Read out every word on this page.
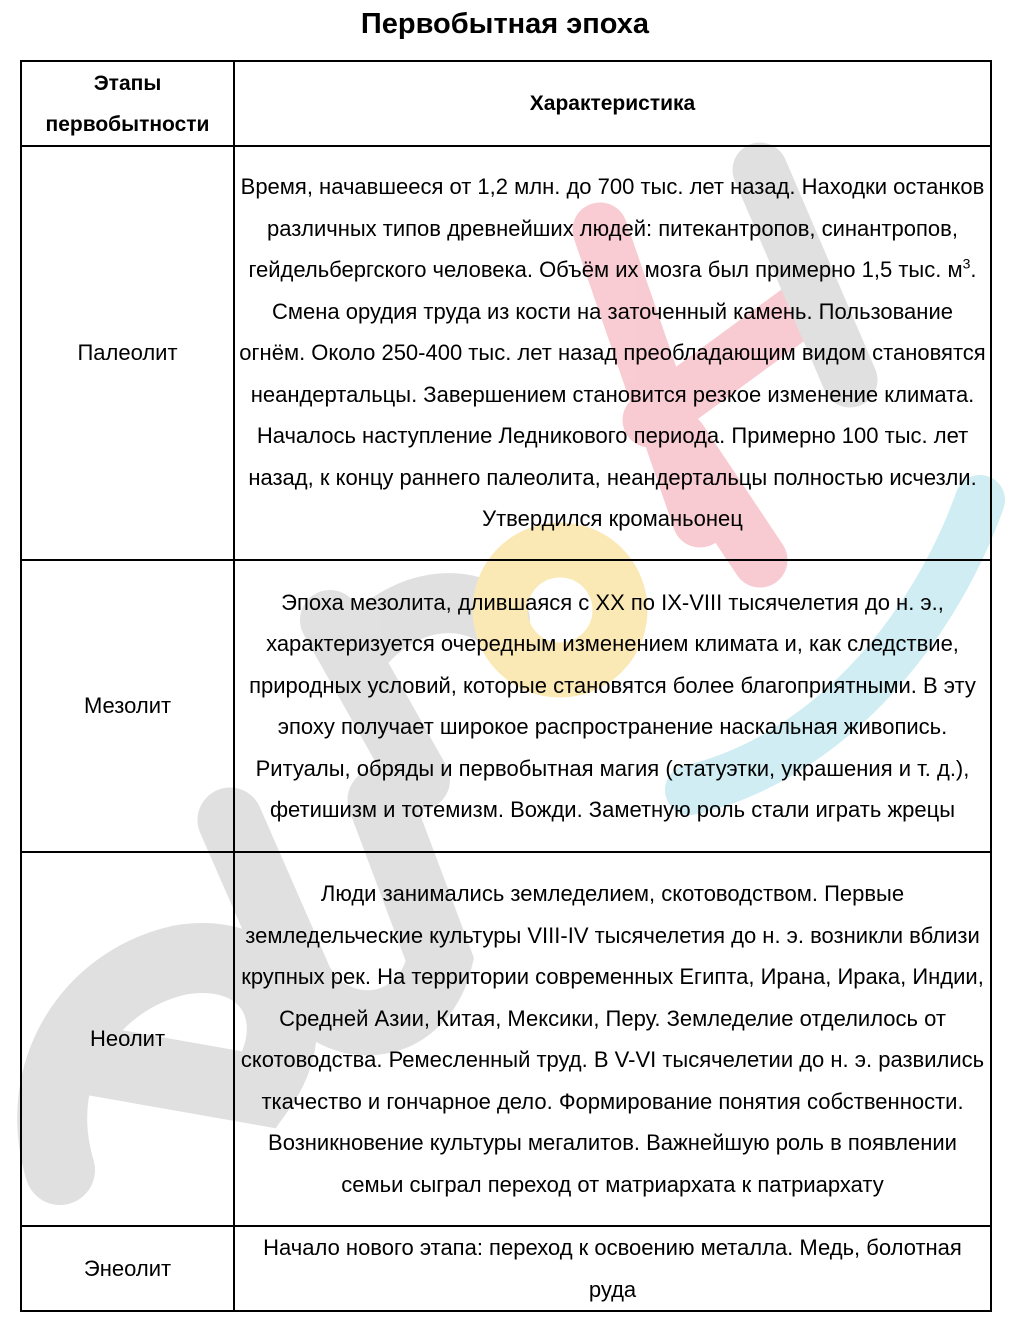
Первобытная эпоха
Этапы первобытности	Характеристика
Палеолит	Время, начавшееся от 1,2 млн. до 700 тыс. лет назад. Находки останков различных типов древнейших людей: питекантропов, синантропов, гейдельбергского человека. Объём их мозга был примерно 1,5 тыс. $м^3$. Смена орудия труда из кости на заточенный камень. Пользование огнём. Около 250-400 тыс. лет назад преобладающим видом становятся неандертальцы. Завершением становится резкое изменение климата. Началось наступление Ледникового периода. Примерно 100 тыс. лет назад, к концу раннего палеолита, неандертальцы полностью исчезли. Утвердился кроманьонец
Мезолит	Эпоха мезолита, длившаяся с XX по IX-VIII тысячелетия до н. э., характеризуется очередным изменением климата и, как следствие, природных условий, которые становятся более благоприятными. В эту эпоху получает широкое распространение наскальная живопись. Ритуалы, обряды и первобытная магия (статуэтки, украшения и т. д.), фетишизм и тотемизм. Вожди. Заметную роль стали играть жрецы
Неолит	Люди занимались земледелием, скотоводством. Первые земледельческие культуры VIII-IV тысячелетия до н. э. возникли вблизи крупных рек. На территории современных Египта, Ирана, Ирака, Индии, Средней Азии, Китая, Мексики, Перу. Земледелие отделилось от скотоводства. Ремесленный труд. В V-VI тысячелетии до н. э. развились ткачество и гончарное дело. Формирование понятия собственности. Возникновение культуры мегалитов. Важнейшую роль в появлении семьи сыграл переход от матриархата к патриархату
Энеолит	Начало нового этапа: переход к освоению металла. Медь, болотная руда
